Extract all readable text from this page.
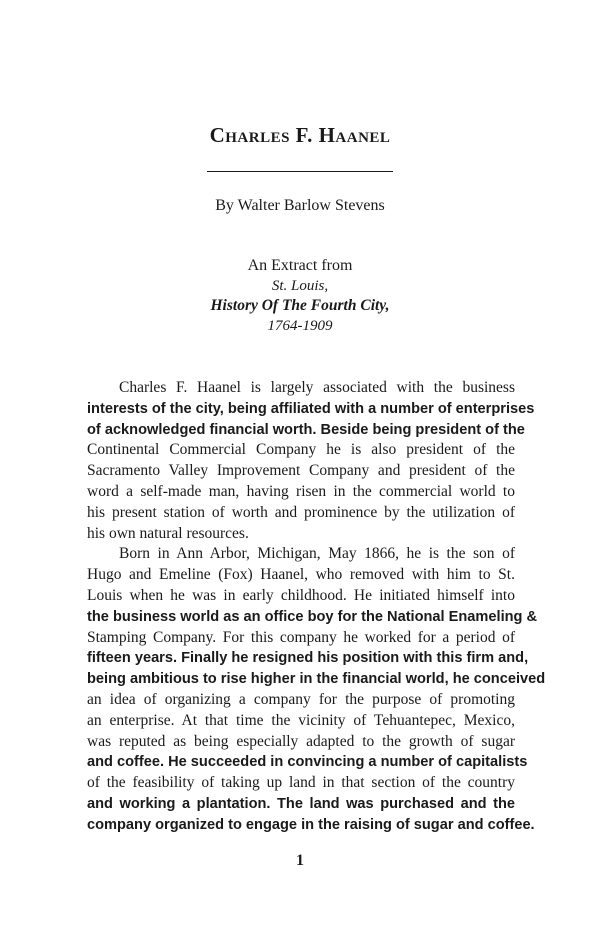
Charles F. Haanel
By Walter Barlow Stevens
An Extract from
St. Louis,
History Of The Fourth City,
1764-1909
Charles F. Haanel is largely associated with the business
interests of the city, being affiliated with a number of enterprises
of acknowledged financial worth. Beside being president of the
Continental Commercial Company he is also president of the
Sacramento Valley Improvement Company and president of the
word a self-made man, having risen in the commercial world to
his present station of worth and prominence by the utilization of
his own natural resources.
Born in Ann Arbor, Michigan, May 1866, he is the son of
Hugo and Emeline (Fox) Haanel, who removed with him to St.
Louis when he was in early childhood. He initiated himself into
the business world as an office boy for the National Enameling &
Stamping Company. For this company he worked for a period of
fifteen years. Finally he resigned his position with this firm and,
being ambitious to rise higher in the financial world, he conceived
an idea of organizing a company for the purpose of promoting
an enterprise. At that time the vicinity of Tehuantepec, Mexico,
was reputed as being especially adapted to the growth of sugar
and coffee. He succeeded in convincing a number of capitalists
of the feasibility of taking up land in that section of the country
and working a plantation. The land was purchased and the
company organized to engage in the raising of sugar and coffee.
1
